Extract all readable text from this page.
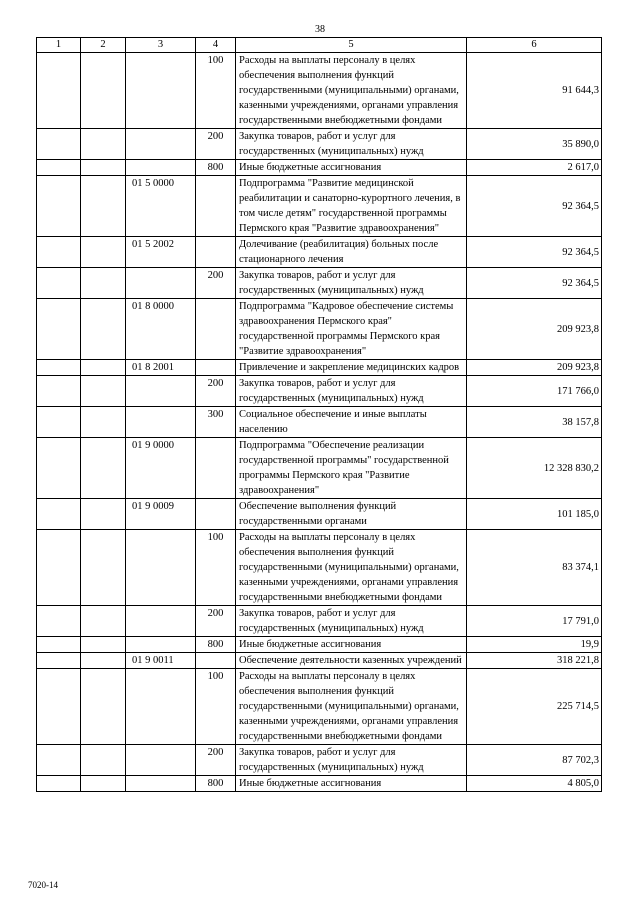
38
1	2	3	4	5	6
			100	Расходы на выплаты персоналу в целях обеспечения выполнения функций государственными (муниципальными) органами, казенными учреждениями, органами управления государственными внебюджетными фондами	91 644,3
			200	Закупка товаров, работ и услуг для государственных (муниципальных) нужд	35 890,0
			800	Иные бюджетные ассигнования	2 617,0
		01 5 0000		Подпрограмма "Развитие медицинской реабилитации и санаторно-курортного лечения, в том числе детям" государственной программы Пермского края "Развитие здравоохранения"	92 364,5
		01 5 2002		Долечивание (реабилитация) больных после стационарного лечения	92 364,5
			200	Закупка товаров, работ и услуг для государственных (муниципальных) нужд	92 364,5
		01 8 0000		Подпрограмма "Кадровое обеспечение системы здравоохранения Пермского края" государственной программы Пермского края "Развитие здравоохранения"	209 923,8
		01 8 2001		Привлечение и закрепление медицинских кадров	209 923,8
			200	Закупка товаров, работ и услуг для государственных (муниципальных) нужд	171 766,0
			300	Социальное обеспечение и иные выплаты населению	38 157,8
		01 9 0000		Подпрограмма "Обеспечение реализации государственной программы" государственной программы Пермского края "Развитие здравоохранения"	12 328 830,2
		01 9 0009		Обеспечение выполнения функций государственными органами	101 185,0
			100	Расходы на выплаты персоналу в целях обеспечения выполнения функций государственными (муниципальными) органами, казенными учреждениями, органами управления государственными внебюджетными фондами	83 374,1
			200	Закупка товаров, работ и услуг для государственных (муниципальных) нужд	17 791,0
			800	Иные бюджетные ассигнования	19,9
		01 9 0011		Обеспечение деятельности казенных учреждений	318 221,8
			100	Расходы на выплаты персоналу в целях обеспечения выполнения функций государственными (муниципальными) органами, казенными учреждениями, органами управления государственными внебюджетными фондами	225 714,5
			200	Закупка товаров, работ и услуг для государственных (муниципальных) нужд	87 702,3
			800	Иные бюджетные ассигнования	4 805,0
7020-14
